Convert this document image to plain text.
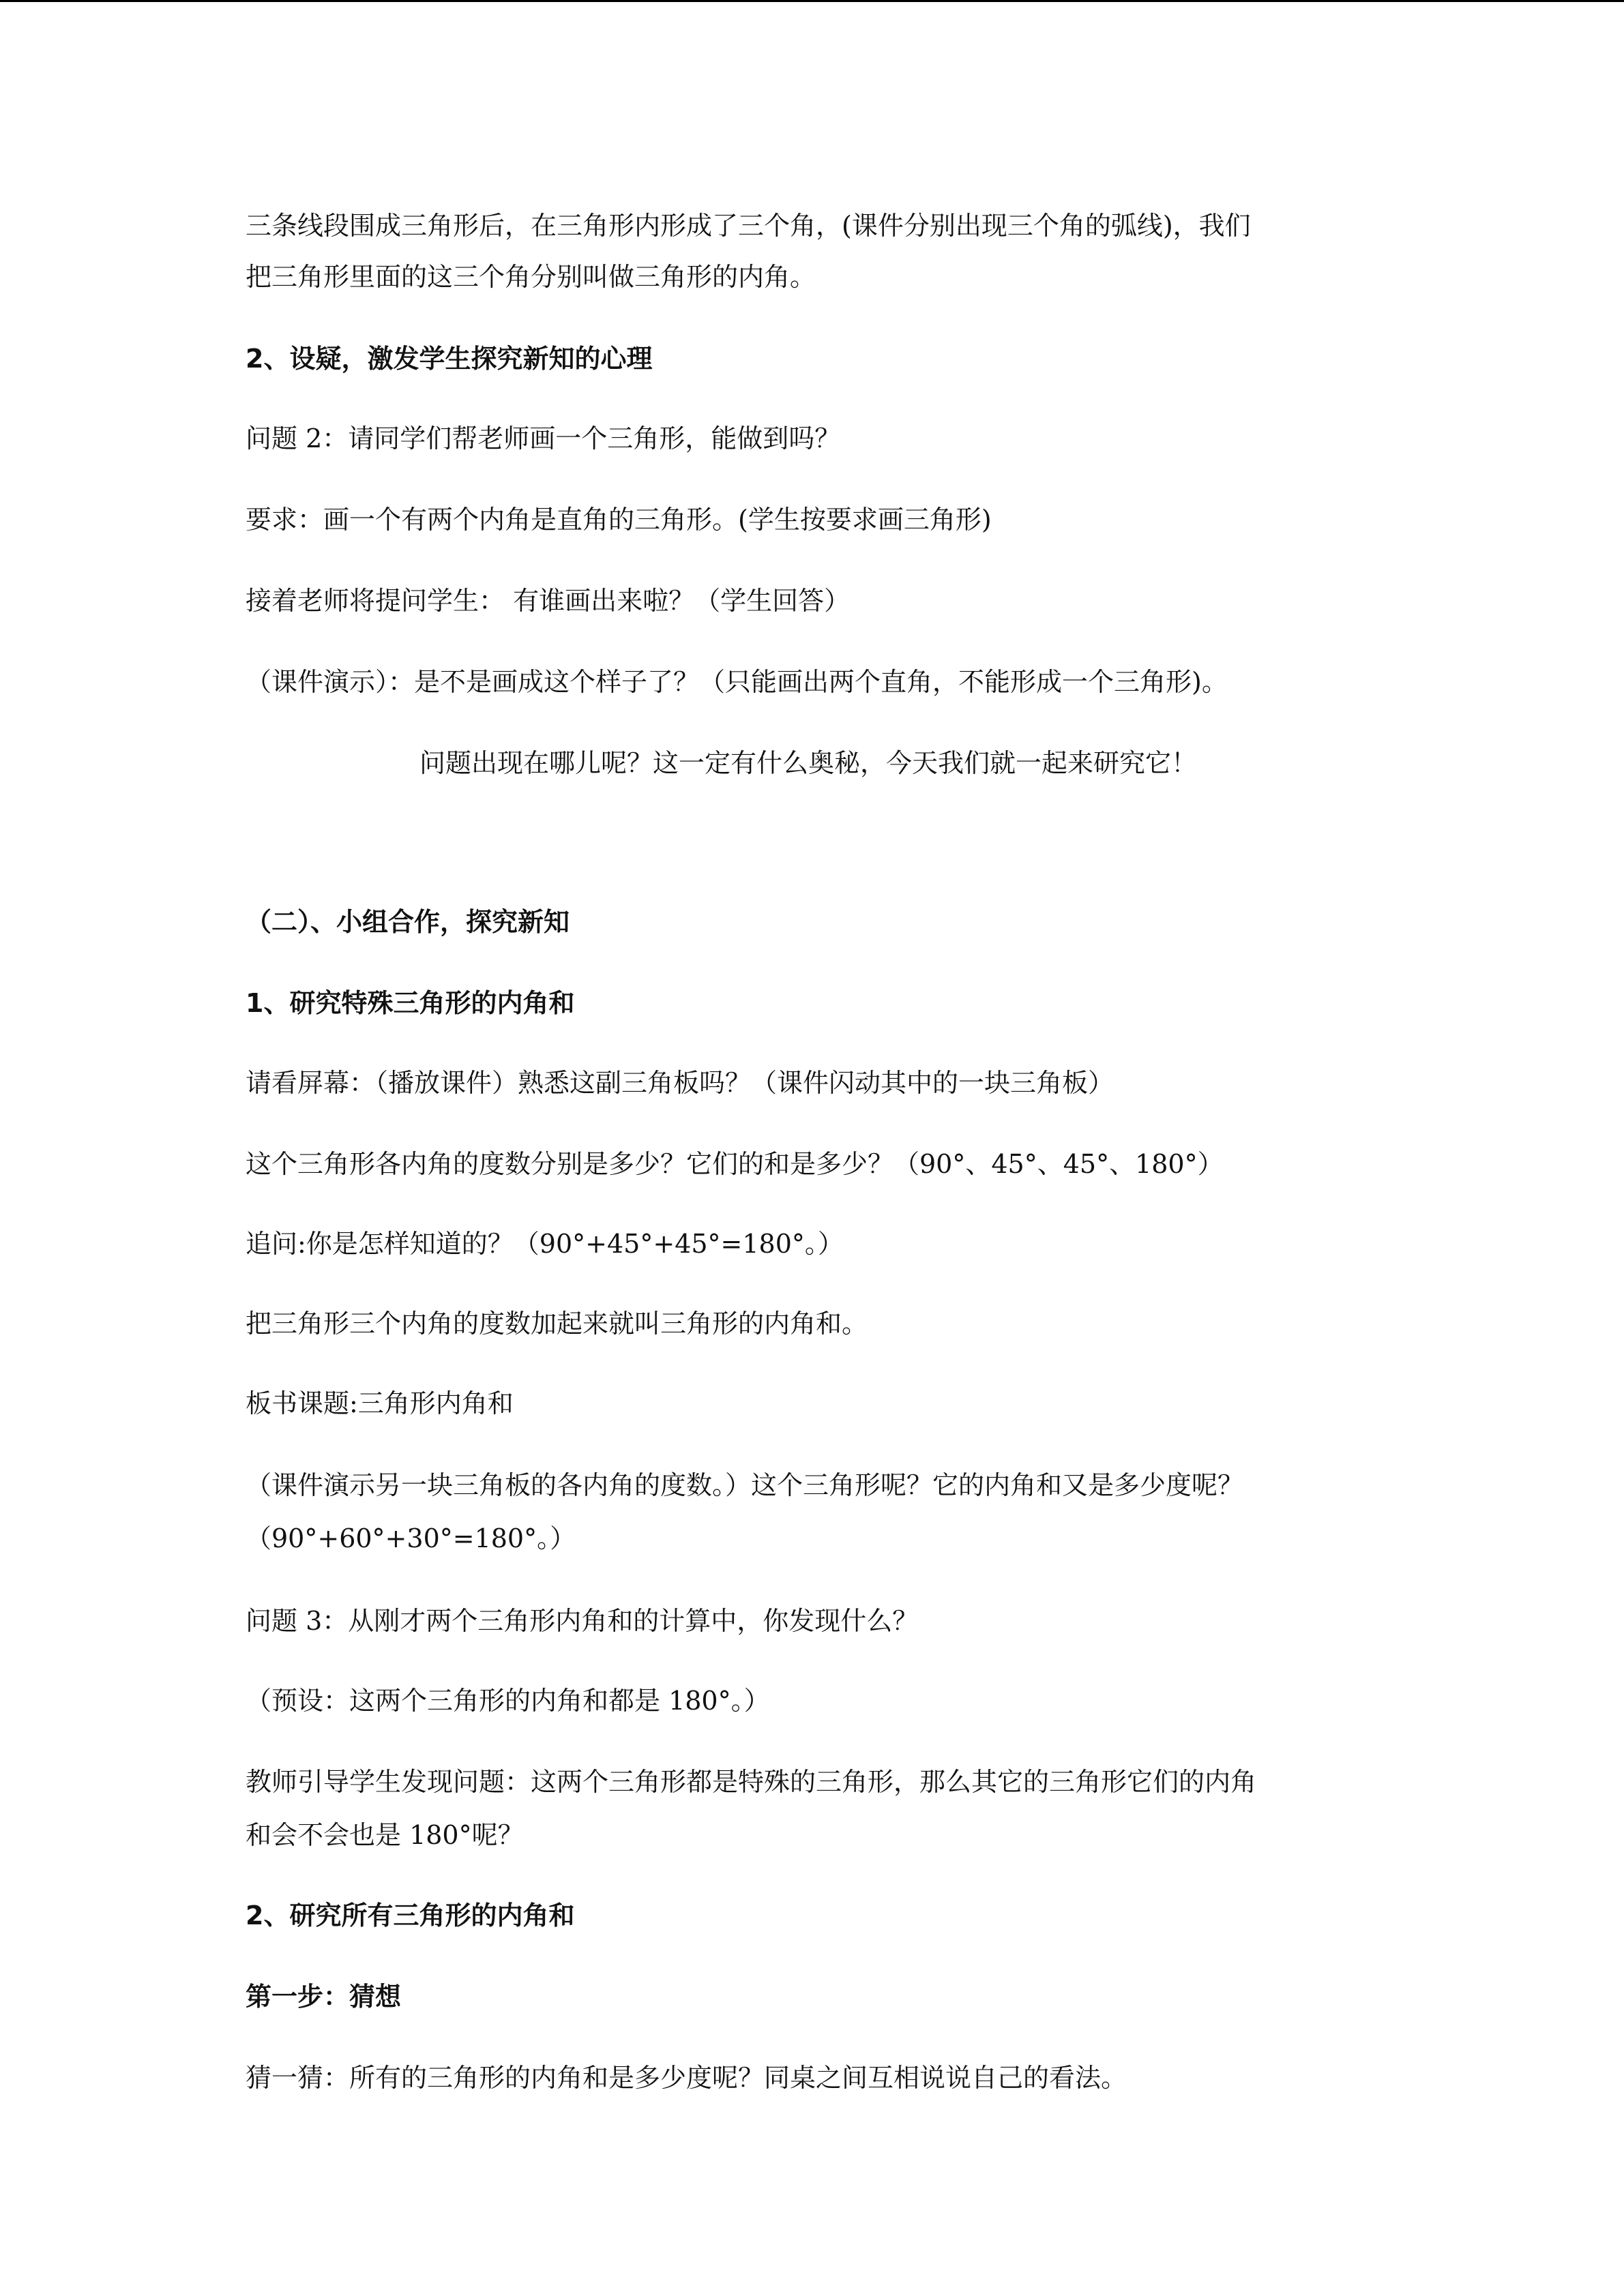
三条线段围成三角形后，在三角形内形成了三个角，(课件分别出现三个角的弧线)，我们

把三角形里面的这三个角分别叫做三角形的内角。

2、设疑，激发学生探究新知的心理

问题 2：请同学们帮老师画一个三角形，能做到吗？

要求：画一个有两个内角是直角的三角形。(学生按要求画三角形)

接着老师将提问学生： 有谁画出来啦？（学生回答）

（课件演示）：是不是画成这个样子了？（只能画出两个直角，不能形成一个三角形)。

问题出现在哪儿呢？这一定有什么奥秘，今天我们就一起来研究它！

（二）、小组合作，探究新知

1、研究特殊三角形的内角和

请看屏幕：（播放课件）熟悉这副三角板吗？（课件闪动其中的一块三角板）

这个三角形各内角的度数分别是多少？它们的和是多少？（90°、45°、45°、180°）

追问:你是怎样知道的？（90°+45°+45°=180°。）

把三角形三个内角的度数加起来就叫三角形的内角和。

板书课题:三角形内角和

（课件演示另一块三角板的各内角的度数。）这个三角形呢？它的内角和又是多少度呢？

（90°+60°+30°=180°。）

问题 3：从刚才两个三角形内角和的计算中，你发现什么？

（预设：这两个三角形的内角和都是 180°。）

教师引导学生发现问题：这两个三角形都是特殊的三角形，那么其它的三角形它们的内角

和会不会也是 180°呢？

2、研究所有三角形的内角和

第一步：猜想

猜一猜：所有的三角形的内角和是多少度呢？同桌之间互相说说自己的看法。
